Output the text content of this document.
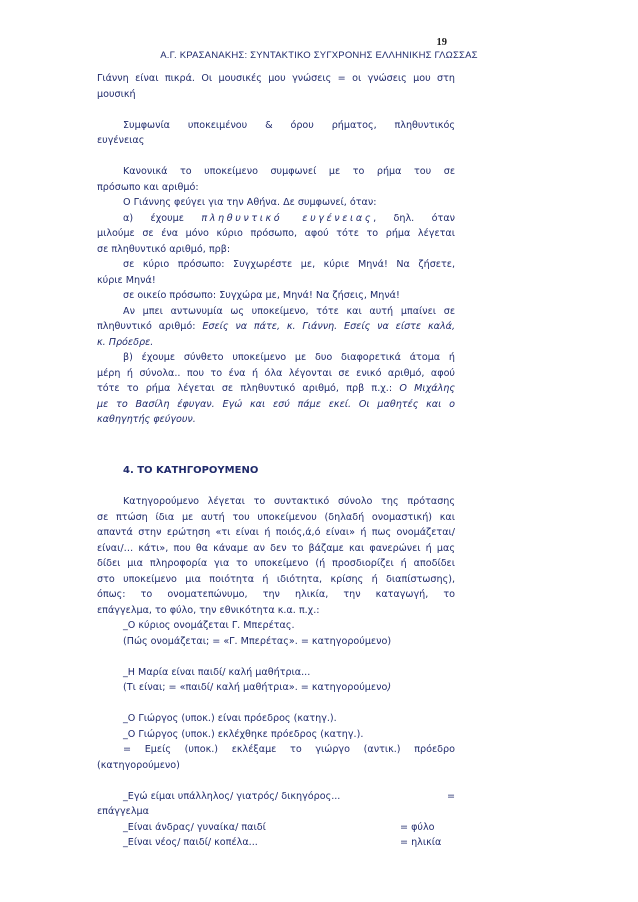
19
Α.Γ. ΚΡΑΣΑΝΑΚΗΣ: ΣΥΝΤΑΚΤΙΚΟ ΣΥΓΧΡΟΝΗΣ ΕΛΛΗΝΙΚΗΣ ΓΛΩΣΣΑΣ

Γιάννη είναι πικρά. Οι μουσικές μου γνώσεις = οι γνώσεις μου στη

μουσική

Συμφωνία υποκειμένου & όρου ρήματος, πληθυντικός

ευγένειας

Κανονικά το υποκείμενο συμφωνεί με το ρήμα του σε

πρόσωπο και αριθμό:

Ο Γιάννης φεύγει για την Αθήνα. Δε συμφωνεί, όταν:

α) έχουμε πληθυντικό ευγένειας, δηλ. όταν

μιλούμε σε ένα μόνο κύριο πρόσωπο, αφού τότε το ρήμα λέγεται

σε πληθυντικό αριθμό, πρβ:

σε κύριο πρόσωπο: Συγχωρέστε με, κύριε Μηνά! Να ζήσετε,

κύριε Μηνά!

σε οικείο πρόσωπο: Συγχώρα με, Μηνά! Να ζήσεις, Μηνά!

Αν μπει αντωνυμία ως υποκείμενο, τότε και αυτή μπαίνει σε

πληθυντικό αριθμό: Εσείς να πάτε, κ. Γιάννη. Εσείς να είστε καλά,

κ. Πρόεδρε.

β) έχουμε σύνθετο υποκείμενο με δυο διαφορετικά άτομα ή

μέρη ή σύνολα.. που το ένα ή όλα λέγονται σε ενικό αριθμό, αφού

τότε το ρήμα λέγεται σε πληθυντικό αριθμό, πρβ π.χ.: Ο Μιχάλης

με το Βασίλη έφυγαν. Εγώ και εσύ πάμε εκεί. Οι μαθητές και ο

καθηγητής φεύγουν.

4. ΤΟ ΚΑΤΗΓΟΡΟΥΜΕΝΟ

Κατηγορούμενο λέγεται το συντακτικό σύνολο της πρότασης

σε πτώση ίδια με αυτή του υποκείμενου (δηλαδή ονομαστική) και

απαντά στην ερώτηση «τι είναι ή ποιός,ά,ό είναι» ή πως ονομάζεται/

είναι/… κάτι», που θα κάναμε αν δεν το βάζαμε και φανερώνει ή μας

δίδει μια πληροφορία για το υποκείμενο (ή προσδιορίζει ή αποδίδει

στο υποκείμενο μια ποιότητα ή ιδιότητα, κρίσης ή διαπίστωσης),

όπως: το ονοματεπώνυμο, την ηλικία, την καταγωγή, το

επάγγελμα, το φύλο, την εθνικότητα κ.α. π.χ.:

_Ο κύριος ονομάζεται Γ. Μπερέτας.

(Πώς ονομάζεται; = «Γ. Μπερέτας». = κατηγορούμενο)

_Η Μαρία είναι παιδί/ καλή μαθήτρια...

(Τι είναι; = «παιδί/ καλή μαθήτρια». = κατηγορούμενο)

_Ο Γιώργος (υποκ.) είναι πρόεδρος (κατηγ.).

_Ο Γιώργος (υποκ.) εκλέχθηκε πρόεδρος (κατηγ.).

= Εμείς (υποκ.) εκλέξαμε το γιώργο (αντικ.) πρόεδρο

(κατηγορούμενο)

_Εγώ είμαι υπάλληλος/ γιατρός/ δικηγόρος...	=

επάγγελμα

_Είναι άνδρας/ γυναίκα/ παιδί	= φύλο
_Είναι νέος/ παιδί/ κοπέλα...	= ηλικία
